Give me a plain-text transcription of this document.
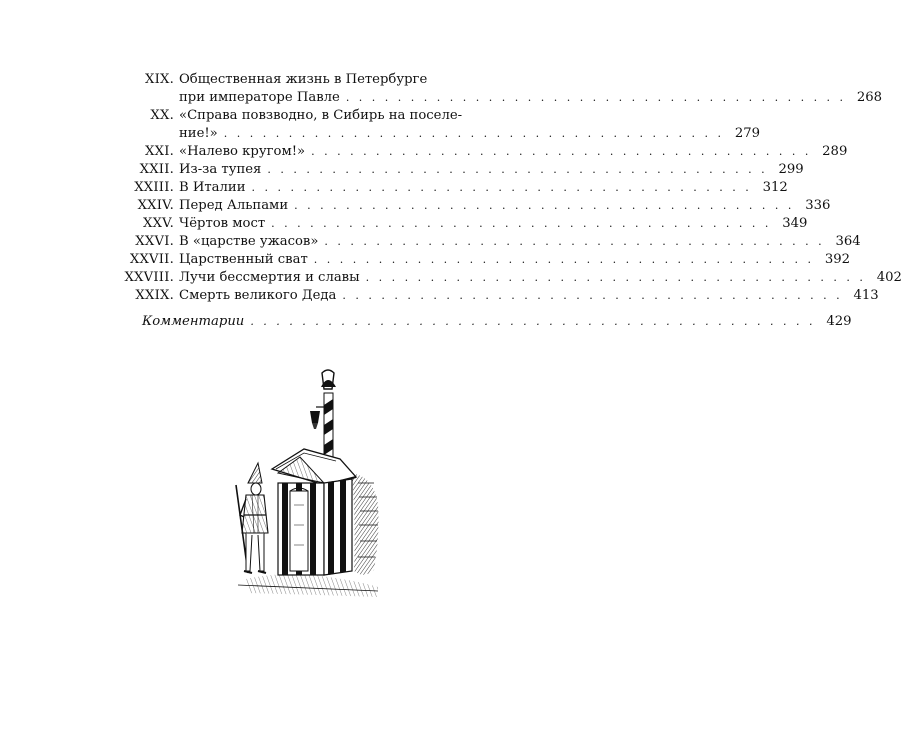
XIX. Общественная жизнь в Петербурге
при императоре Павле . . . . . . . . . . . . . . . . . . . . . . . . . . . . . . . . . . . . . . . 268
XX. «Справа повзводно, в Сибирь на поселе-
ние!» . . . . . . . . . . . . . . . . . . . . . . . . . . . . . . . . . . . . . . . 279
XXI. «Налево кругом!» . . . . . . . . . . . . . . . . . . . . . . . . . . . . . . . . . . . . . . . 289
XXII. Из-за тупея . . . . . . . . . . . . . . . . . . . . . . . . . . . . . . . . . . . . . . . 299
XXIII. В Италии . . . . . . . . . . . . . . . . . . . . . . . . . . . . . . . . . . . . . . . 312
XXIV. Перед Альпами . . . . . . . . . . . . . . . . . . . . . . . . . . . . . . . . . . . . . . . 336
XXV. Чёртов мост . . . . . . . . . . . . . . . . . . . . . . . . . . . . . . . . . . . . . . . 349
XXVI. В «царстве ужасов» . . . . . . . . . . . . . . . . . . . . . . . . . . . . . . . . . . . . . . . 364
XXVII. Царственный сват . . . . . . . . . . . . . . . . . . . . . . . . . . . . . . . . . . . . . . . 392
XXVIII. Лучи бессмертия и славы . . . . . . . . . . . . . . . . . . . . . . . . . . . . . . . . . . . . . . . 402
XXIX. Смерть великого Деда . . . . . . . . . . . . . . . . . . . . . . . . . . . . . . . . . . . . . . . 413
Комментарии . . . . . . . . . . . . . . . . . . . . . . . . . . . . . . . . . . . . . . . . . . . . 429
